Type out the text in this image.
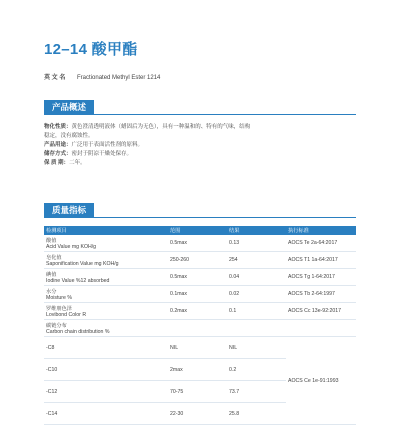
12–14 酸甲酯
英 文 名 Fractionated Methyl Ester 1214
产品概述
物化性质：黄色澄清透明液体（蜡固后为无色），具有一种温和的、特有的气味，结构
稳定，没有腐蚀性。
产品用途：广泛用于表面活性剂的原料。
储存方式：密封于阴凉干燥处保存。
保 质 期：二年。
质量指标
检测项目	范围	结果	执行标准

酸值
Acid Value mg KOH/g	0.5max	0.13	AOCS Te 2a-64:2017

皂化值
Saponification Value mg KOH/g	250-260	254	AOCS T1 1a-64:2017

碘值
Iodine Value %12 absorbed	0.5max	0.04	AOCS Tg 1-64:2017

水分
Moisture %	0.1max	0.02	AOCS Tb 2-64:1997

罗维朋色泽
Lovibond Color R	0.2max	0.1	AOCS Cc 13e-92:2017

碳链分布
Carbon chain distribution %			

-C8	NIL	NIL	AOCS Ce 1e-91:1993
-C10	2max	0.2	
-C12	70-75	73.7	
-C14	22-30	25.8	
